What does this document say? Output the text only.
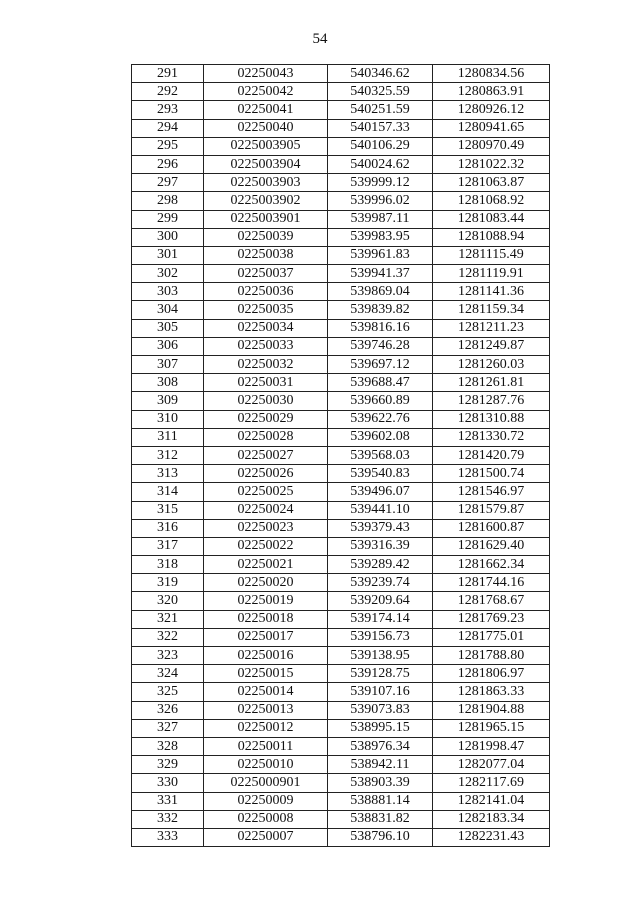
54
291	02250043	540346.62	1280834.56
292	02250042	540325.59	1280863.91
293	02250041	540251.59	1280926.12
294	02250040	540157.33	1280941.65
295	0225003905	540106.29	1280970.49
296	0225003904	540024.62	1281022.32
297	0225003903	539999.12	1281063.87
298	0225003902	539996.02	1281068.92
299	0225003901	539987.11	1281083.44
300	02250039	539983.95	1281088.94
301	02250038	539961.83	1281115.49
302	02250037	539941.37	1281119.91
303	02250036	539869.04	1281141.36
304	02250035	539839.82	1281159.34
305	02250034	539816.16	1281211.23
306	02250033	539746.28	1281249.87
307	02250032	539697.12	1281260.03
308	02250031	539688.47	1281261.81
309	02250030	539660.89	1281287.76
310	02250029	539622.76	1281310.88
311	02250028	539602.08	1281330.72
312	02250027	539568.03	1281420.79
313	02250026	539540.83	1281500.74
314	02250025	539496.07	1281546.97
315	02250024	539441.10	1281579.87
316	02250023	539379.43	1281600.87
317	02250022	539316.39	1281629.40
318	02250021	539289.42	1281662.34
319	02250020	539239.74	1281744.16
320	02250019	539209.64	1281768.67
321	02250018	539174.14	1281769.23
322	02250017	539156.73	1281775.01
323	02250016	539138.95	1281788.80
324	02250015	539128.75	1281806.97
325	02250014	539107.16	1281863.33
326	02250013	539073.83	1281904.88
327	02250012	538995.15	1281965.15
328	02250011	538976.34	1281998.47
329	02250010	538942.11	1282077.04
330	0225000901	538903.39	1282117.69
331	02250009	538881.14	1282141.04
332	02250008	538831.82	1282183.34
333	02250007	538796.10	1282231.43
